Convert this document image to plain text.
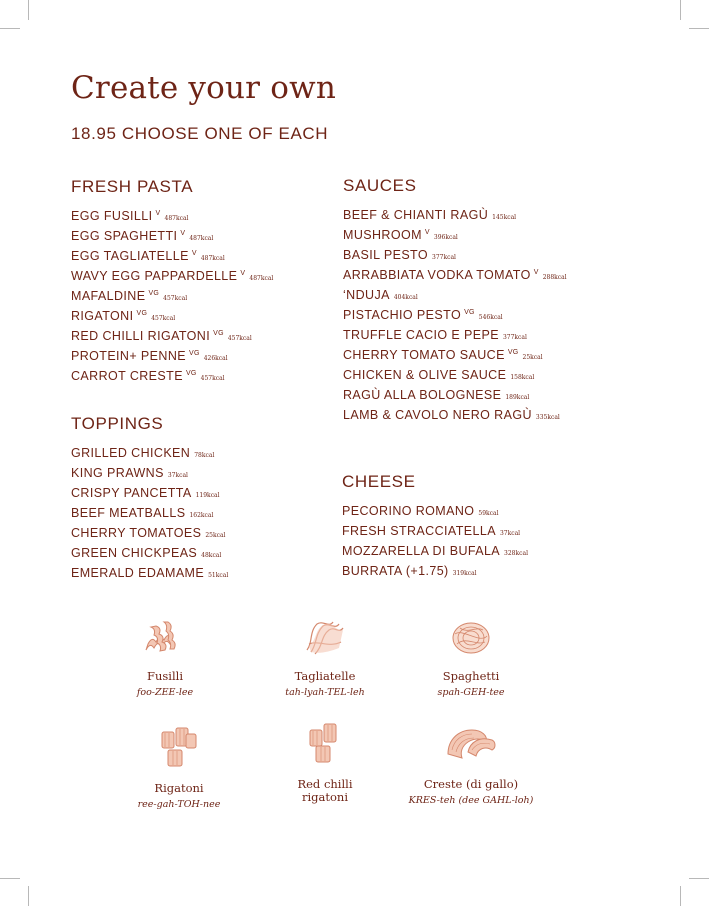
Create your own
18.95 CHOOSE ONE OF EACH
FRESH PASTA
EGG FUSILLI $^V$487kcal
EGG SPAGHETTI $^V$487kcal
EGG TAGLIATELLE $^V$487kcal
WAVY EGG PAPPARDELLE $^V$487kcal
MAFALDINE $^{VG}$457kcal
RIGATONI $^{VG}$457kcal
RED CHILLI RIGATONI $^{VG}$457kcal
PROTEIN+ PENNE $^{VG}$426kcal
CARROT CRESTE $^{VG}$457kcal
TOPPINGS
GRILLED CHICKEN 78kcal
KING PRAWNS 37kcal
CRISPY PANCETTA 119kcal
BEEF MEATBALLS 162kcal
CHERRY TOMATOES 25kcal
GREEN CHICKPEAS 48kcal
EMERALD EDAMAME 51kcal
SAUCES
BEEF & CHIANTI RAGÙ 145kcal
MUSHROOM $^V$396kcal
BASIL PESTO 377kcal
ARRABBIATA VODKA TOMATO $^V$288kcal
‘NDUJA 404kcal
PISTACHIO PESTO $^{VG}$546kcal
TRUFFLE CACIO E PEPE 377kcal
CHERRY TOMATO SAUCE $^{VG}$25kcal
CHICKEN & OLIVE SAUCE 158kcal
RAGÙ ALLA BOLOGNESE 189kcal
LAMB & CAVOLO NERO RAGÙ 335kcal
CHEESE
PECORINO ROMANO 59kcal
FRESH STRACCIATELLA 37kcal
MOZZARELLA DI BUFALA 328kcal
BURRATA (+1.75) 319kcal
Fusilli
foo-ZEE-lee
Tagliatelle
tah-lyah-TEL-leh
Spaghetti
spah-GEH-tee
Rigatoni
ree-gah-TOH-nee
Red chilli
rigatoni
Creste (di gallo)
KRES-teh (dee GAHL-loh)
